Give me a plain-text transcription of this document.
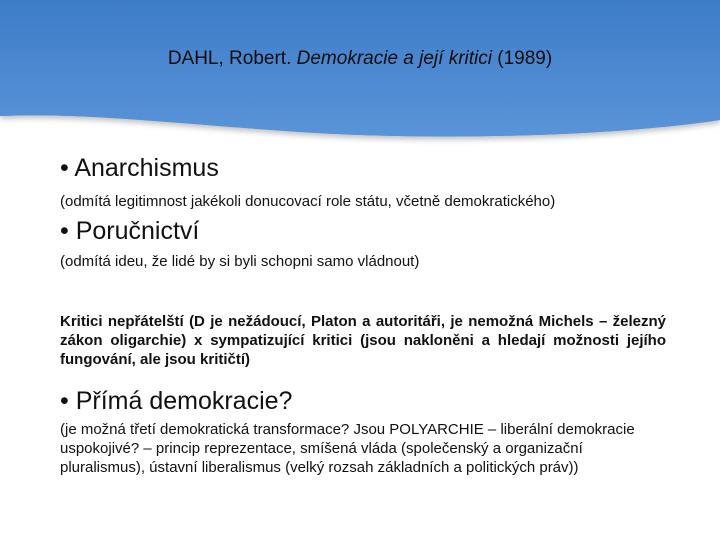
DAHL, Robert. Demokracie a její kritici (1989)

• Anarchismus

(odmítá legitimnost jakékoli donucovací role státu, včetně demokratického)

• Poručnictví

(odmítá ideu, že lidé by si byli schopni samo vládnout)

Kritici nepřátelští (D je nežádoucí, Platon a autoritáři, je nemožná Michels – železný zákon oligarchie) x sympatizující kritici (jsou nakloněni a hledají možnosti jejího fungování, ale jsou kritičtí)

• Přímá demokracie?

(je možná třetí demokratická transformace? Jsou POLYARCHIE – liberální demokracie uspokojivé? – princip reprezentace, smíšená vláda (společenský a organizační pluralismus), ústavní liberalismus (velký rozsah základních a politických práv))
